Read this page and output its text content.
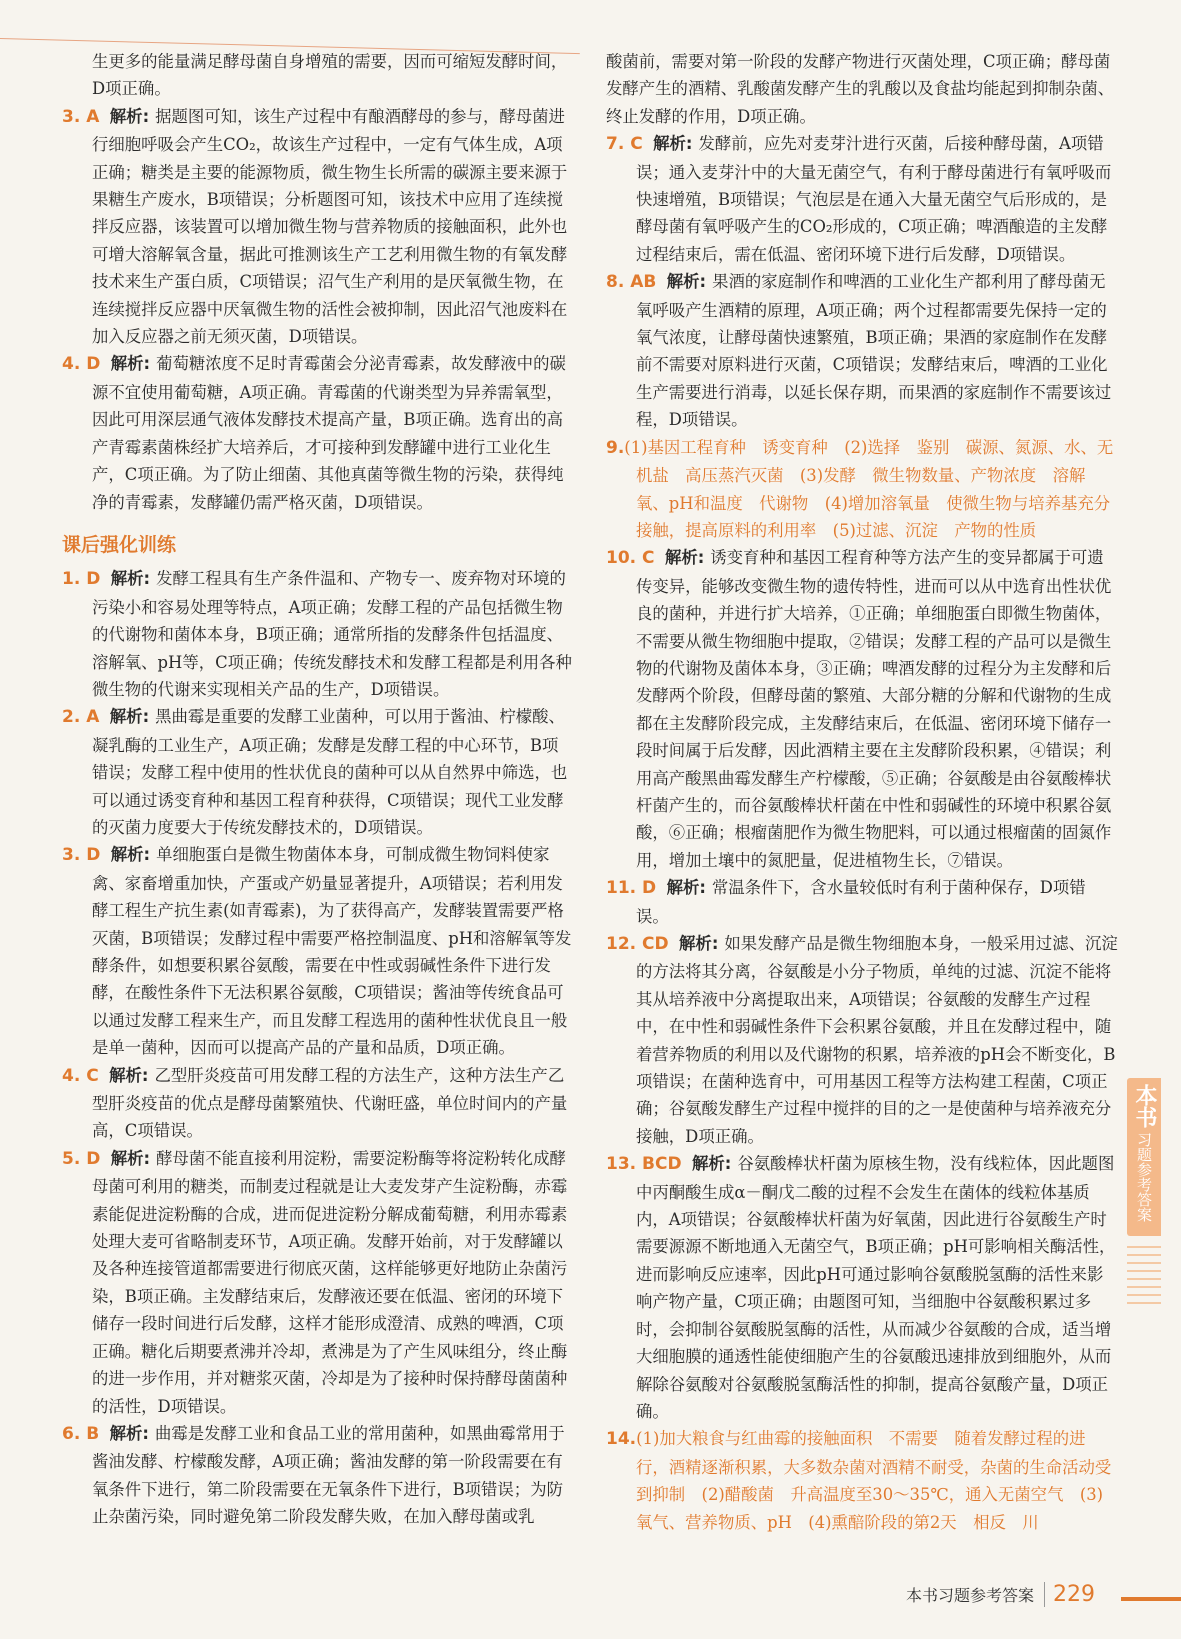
生更多的能量满足酵母菌自身增殖的需要，因而可缩短发酵时间，D项正确。

3. A 解析: 据题图可知，该生产过程中有酿酒酵母的参与，酵母菌进行细胞呼吸会产生CO₂，故该生产过程中，一定有气体生成，A项正确；糖类是主要的能源物质，微生物生长所需的碳源主要来源于果糖生产废水，B项错误；分析题图可知，该技术中应用了连续搅拌反应器，该装置可以增加微生物与营养物质的接触面积，此外也可增大溶解氧含量，据此可推测该生产工艺利用微生物的有氧发酵技术来生产蛋白质，C项错误；沼气生产利用的是厌氧微生物，在连续搅拌反应器中厌氧微生物的活性会被抑制，因此沼气池废料在加入反应器之前无须灭菌，D项错误。

4. D 解析: 葡萄糖浓度不足时青霉菌会分泌青霉素，故发酵液中的碳源不宜使用葡萄糖，A项正确。青霉菌的代谢类型为异养需氧型，因此可用深层通气液体发酵技术提高产量，B项正确。选育出的高产青霉素菌株经扩大培养后，才可接种到发酵罐中进行工业化生产，C项正确。为了防止细菌、其他真菌等微生物的污染，获得纯净的青霉素，发酵罐仍需严格灭菌，D项错误。

课后强化训练

1. D 解析: 发酵工程具有生产条件温和、产物专一、废弃物对环境的污染小和容易处理等特点，A项正确；发酵工程的产品包括微生物的代谢物和菌体本身，B项正确；通常所指的发酵条件包括温度、溶解氧、pH等，C项正确；传统发酵技术和发酵工程都是利用各种微生物的代谢来实现相关产品的生产，D项错误。

2. A 解析: 黑曲霉是重要的发酵工业菌种，可以用于酱油、柠檬酸、凝乳酶的工业生产，A项正确；发酵是发酵工程的中心环节，B项错误；发酵工程中使用的性状优良的菌种可以从自然界中筛选，也可以通过诱变育种和基因工程育种获得，C项错误；现代工业发酵的灭菌力度要大于传统发酵技术的，D项错误。

3. D 解析: 单细胞蛋白是微生物菌体本身，可制成微生物饲料使家禽、家畜增重加快，产蛋或产奶量显著提升，A项错误；若利用发酵工程生产抗生素(如青霉素)，为了获得高产，发酵装置需要严格灭菌，B项错误；发酵过程中需要严格控制温度、pH和溶解氧等发酵条件，如想要积累谷氨酸，需要在中性或弱碱性条件下进行发酵，在酸性条件下无法积累谷氨酸，C项错误；酱油等传统食品可以通过发酵工程来生产，而且发酵工程选用的菌种性状优良且一般是单一菌种，因而可以提高产品的产量和品质，D项正确。

4. C 解析: 乙型肝炎疫苗可用发酵工程的方法生产，这种方法生产乙型肝炎疫苗的优点是酵母菌繁殖快、代谢旺盛，单位时间内的产量高，C项错误。

5. D 解析: 酵母菌不能直接利用淀粉，需要淀粉酶等将淀粉转化成酵母菌可利用的糖类，而制麦过程就是让大麦发芽产生淀粉酶，赤霉素能促进淀粉酶的合成，进而促进淀粉分解成葡萄糖，利用赤霉素处理大麦可省略制麦环节，A项正确。发酵开始前，对于发酵罐以及各种连接管道都需要进行彻底灭菌，这样能够更好地防止杂菌污染，B项正确。主发酵结束后，发酵液还要在低温、密闭的环境下储存一段时间进行后发酵，这样才能形成澄清、成熟的啤酒，C项正确。糖化后期要煮沸并冷却，煮沸是为了产生风味组分，终止酶的进一步作用，并对糖浆灭菌，冷却是为了接种时保持酵母菌菌种的活性，D项错误。

6. B 解析: 曲霉是发酵工业和食品工业的常用菌种，如黑曲霉常用于酱油发酵、柠檬酸发酵，A项正确；酱油发酵的第一阶段需要在有氧条件下进行，第二阶段需要在无氧条件下进行，B项错误；为防止杂菌污染，同时避免第二阶段发酵失败，在加入酵母菌或乳

酸菌前，需要对第一阶段的发酵产物进行灭菌处理，C项正确；酵母菌发酵产生的酒精、乳酸菌发酵产生的乳酸以及食盐均能起到抑制杂菌、终止发酵的作用，D项正确。

7. C 解析: 发酵前，应先对麦芽汁进行灭菌，后接种酵母菌，A项错误；通入麦芽汁中的大量无菌空气，有利于酵母菌进行有氧呼吸而快速增殖，B项错误；气泡层是在通入大量无菌空气后形成的，是酵母菌有氧呼吸产生的CO₂形成的，C项正确；啤酒酿造的主发酵过程结束后，需在低温、密闭环境下进行后发酵，D项错误。

8. AB 解析: 果酒的家庭制作和啤酒的工业化生产都利用了酵母菌无氧呼吸产生酒精的原理，A项正确；两个过程都需要先保持一定的氧气浓度，让酵母菌快速繁殖，B项正确；果酒的家庭制作在发酵前不需要对原料进行灭菌，C项错误；发酵结束后，啤酒的工业化生产需要进行消毒，以延长保存期，而果酒的家庭制作不需要该过程，D项错误。

9.(1)基因工程育种　诱变育种　(2)选择　鉴别　碳源、氮源、水、无机盐　高压蒸汽灭菌　(3)发酵　微生物数量、产物浓度　溶解氧、pH和温度　代谢物　(4)增加溶氧量　使微生物与培养基充分接触，提高原料的利用率　(5)过滤、沉淀　产物的性质

10. C 解析: 诱变育种和基因工程育种等方法产生的变异都属于可遗传变异，能够改变微生物的遗传特性，进而可以从中选育出性状优良的菌种，并进行扩大培养，①正确；单细胞蛋白即微生物菌体，不需要从微生物细胞中提取，②错误；发酵工程的产品可以是微生物的代谢物及菌体本身，③正确；啤酒发酵的过程分为主发酵和后发酵两个阶段，但酵母菌的繁殖、大部分糖的分解和代谢物的生成都在主发酵阶段完成，主发酵结束后，在低温、密闭环境下储存一段时间属于后发酵，因此酒精主要在主发酵阶段积累，④错误；利用高产酸黑曲霉发酵生产柠檬酸，⑤正确；谷氨酸是由谷氨酸棒状杆菌产生的，而谷氨酸棒状杆菌在中性和弱碱性的环境中积累谷氨酸，⑥正确；根瘤菌肥作为微生物肥料，可以通过根瘤菌的固氮作用，增加土壤中的氮肥量，促进植物生长，⑦错误。

11. D 解析: 常温条件下，含水量较低时有利于菌种保存，D项错误。

12. CD 解析: 如果发酵产品是微生物细胞本身，一般采用过滤、沉淀的方法将其分离，谷氨酸是小分子物质，单纯的过滤、沉淀不能将其从培养液中分离提取出来，A项错误；谷氨酸的发酵生产过程中，在中性和弱碱性条件下会积累谷氨酸，并且在发酵过程中，随着营养物质的利用以及代谢物的积累，培养液的pH会不断变化，B项错误；在菌种选育中，可用基因工程等方法构建工程菌，C项正确；谷氨酸发酵生产过程中搅拌的目的之一是使菌种与培养液充分接触，D项正确。

13. BCD 解析: 谷氨酸棒状杆菌为原核生物，没有线粒体，因此题图中丙酮酸生成α－酮戊二酸的过程不会发生在菌体的线粒体基质内，A项错误；谷氨酸棒状杆菌为好氧菌，因此进行谷氨酸生产时需要源源不断地通入无菌空气，B项正确；pH可影响相关酶活性，进而影响反应速率，因此pH可通过影响谷氨酸脱氢酶的活性来影响产物产量，C项正确；由题图可知，当细胞中谷氨酸积累过多时，会抑制谷氨酸脱氢酶的活性，从而减少谷氨酸的合成，适当增大细胞膜的通透性能使细胞产生的谷氨酸迅速排放到细胞外，从而解除谷氨酸对谷氨酸脱氢酶活性的抑制，提高谷氨酸产量，D项正确。

14.(1)加大粮食与红曲霉的接触面积　不需要　随着发酵过程的进行，酒精逐渐积累，大多数杂菌对酒精不耐受，杂菌的生命活动受到抑制　(2)醋酸菌　升高温度至30～35℃，通入无菌空气　(3)氧气、营养物质、pH　(4)熏醅阶段的第2天　相反　川

本书
习题参考答案
本书习题参考答案 229
